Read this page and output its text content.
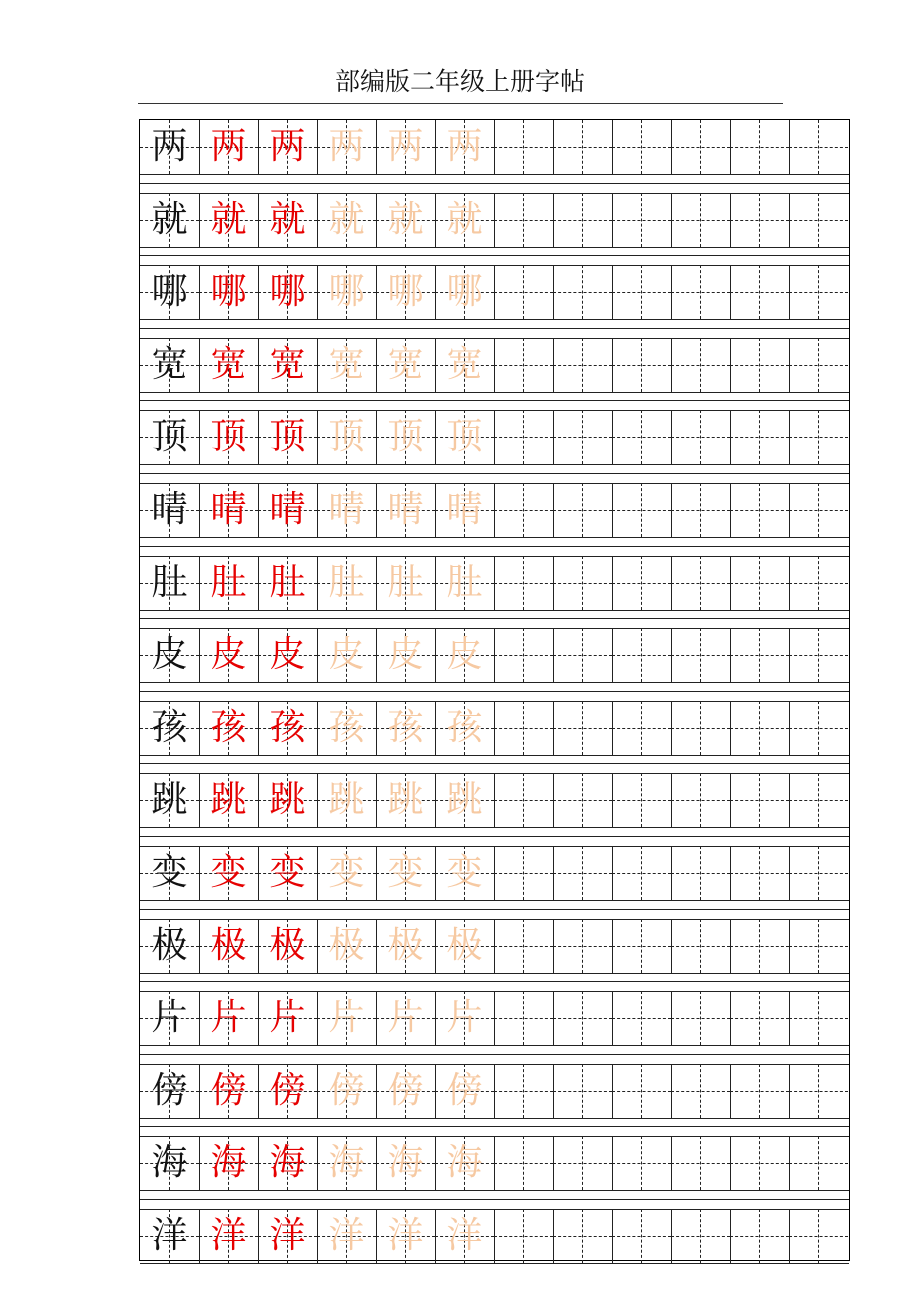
部编版二年级上册字帖
两 两 两 两 两 两
就 就 就 就 就 就
哪 哪 哪 哪 哪 哪
宽 宽 宽 宽 宽 宽
顶 顶 顶 顶 顶 顶
晴 晴 晴 晴 晴 晴
肚 肚 肚 肚 肚 肚
皮 皮 皮 皮 皮 皮
孩 孩 孩 孩 孩 孩
跳 跳 跳 跳 跳 跳
变 变 变 变 变 变
极 极 极 极 极 极
片 片 片 片 片 片
傍 傍 傍 傍 傍 傍
海 海 海 海 海 海
洋 洋 洋 洋 洋 洋
